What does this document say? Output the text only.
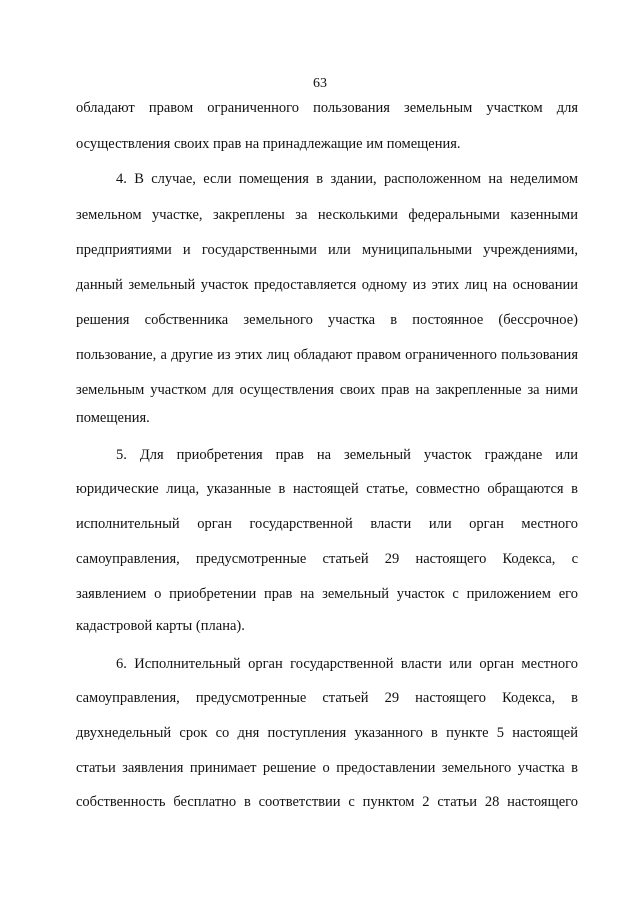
63
обладают правом ограниченного пользования земельным участком для
осуществления своих прав на принадлежащие им помещения.
4. В случае, если помещения в здании, расположенном на неделимом
земельном участке, закреплены за несколькими федеральными казенными
предприятиями и государственными или муниципальными учреждениями,
данный земельный участок предоставляется одному из этих лиц на основании
решения собственника земельного участка в постоянное (бессрочное)
пользование, а другие из этих лиц обладают правом ограниченного пользования
земельным участком для осуществления своих прав на закрепленные за ними
помещения.
5. Для приобретения прав на земельный участок граждане или
юридические лица, указанные в настоящей статье, совместно обращаются в
исполнительный орган государственной власти или орган местного
самоуправления, предусмотренные статьей 29 настоящего Кодекса, с
заявлением о приобретении прав на земельный участок с приложением его
кадастровой карты (плана).
6. Исполнительный орган государственной власти или орган местного
самоуправления, предусмотренные статьей 29 настоящего Кодекса, в
двухнедельный срок со дня поступления указанного в пункте 5 настоящей
статьи заявления принимает решение о предоставлении земельного участка в
собственность бесплатно в соответствии с пунктом 2 статьи 28 настоящего
